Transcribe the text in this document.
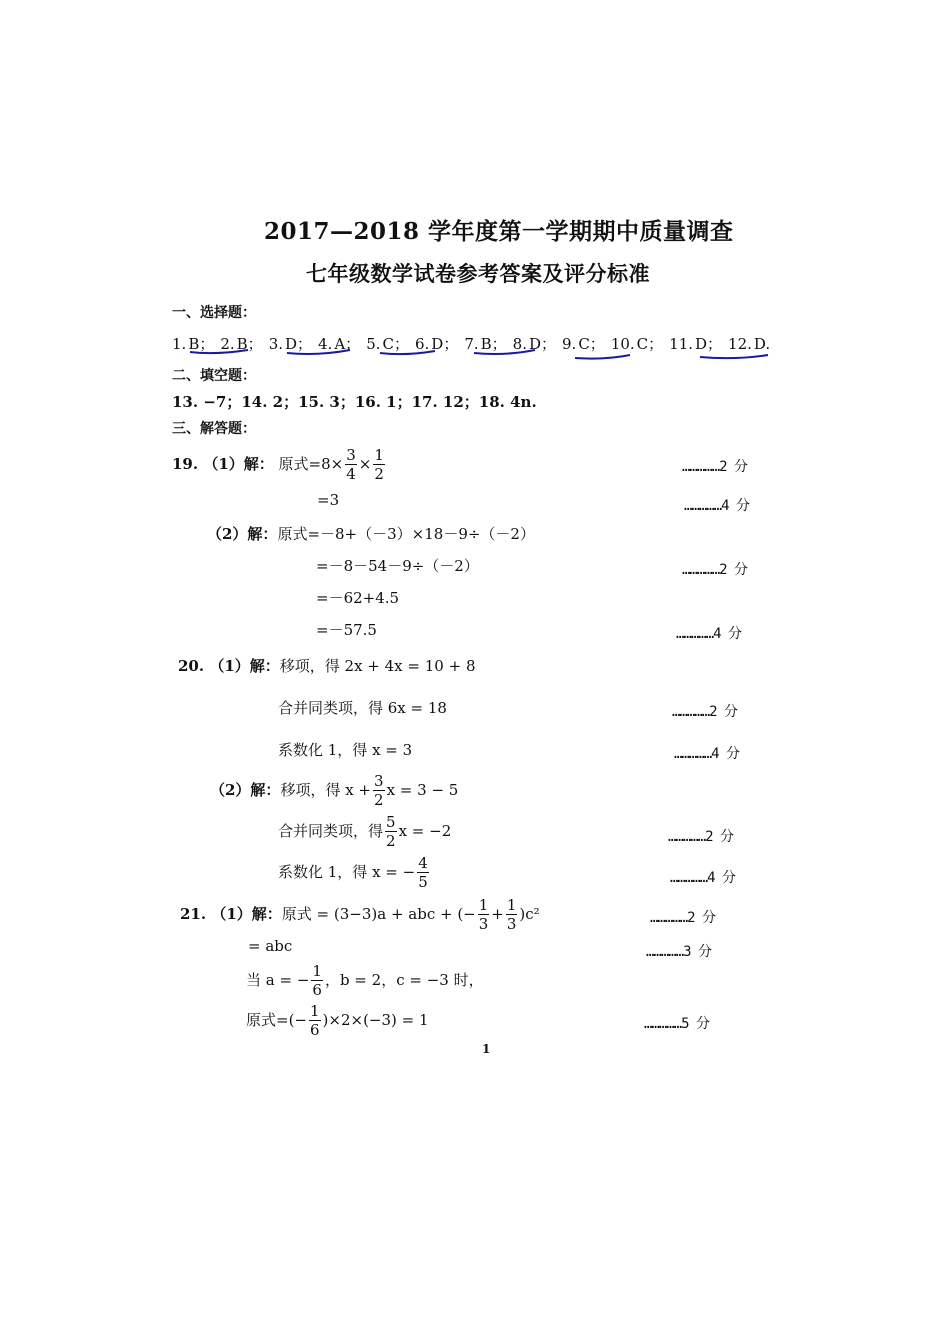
2017—2018 学年度第一学期期中质量调查
七年级数学试卷参考答案及评分标准
一、选择题：
1. B； 2. B； 3. D； 4. A； 5. C； 6. D； 7. B； 8. D； 9. C； 10. C； 11. D； 12. D.
二、填空题：
13. −7；14. 2；15. 3；16. 1；17. 12；18. 4n.
三、解答题：
19. （1）解： 原式$=8\times \frac{3}{4} \times \frac{1}{2}$	……………2 分
=3	……………4 分
（2）解：原式=－8+（－3）×18－9÷（－2）
=－8－54－9÷（－2）	……………2 分
=－62+4.5
=－57.5	……………4 分
20. （1）解：移项，得 2x + 4x = 10 + 8
合并同类项，得 6x = 18	……………2 分
系数化 1，得 x = 3	……………4 分
（2）解：移项，得 $x + \frac{3}{2}$ x = 3 − 5
合并同类项，得 $\frac{5}{2}$ x = −2	……………2 分
系数化 1，得 x = − $\frac{4}{5}$	……………4 分
21. （1）解：原式 = (3−3)a + abc + (− $\frac{1}{3} + \frac{1}{3} )c^2$	……………2 分
= abc	……………3 分
当 a = − $\frac{1}{6}$ ，b = 2，c = −3 时，
原式=(− $\frac{1}{6} )\times 2\times(-3) = 1$	……………5 分
1
